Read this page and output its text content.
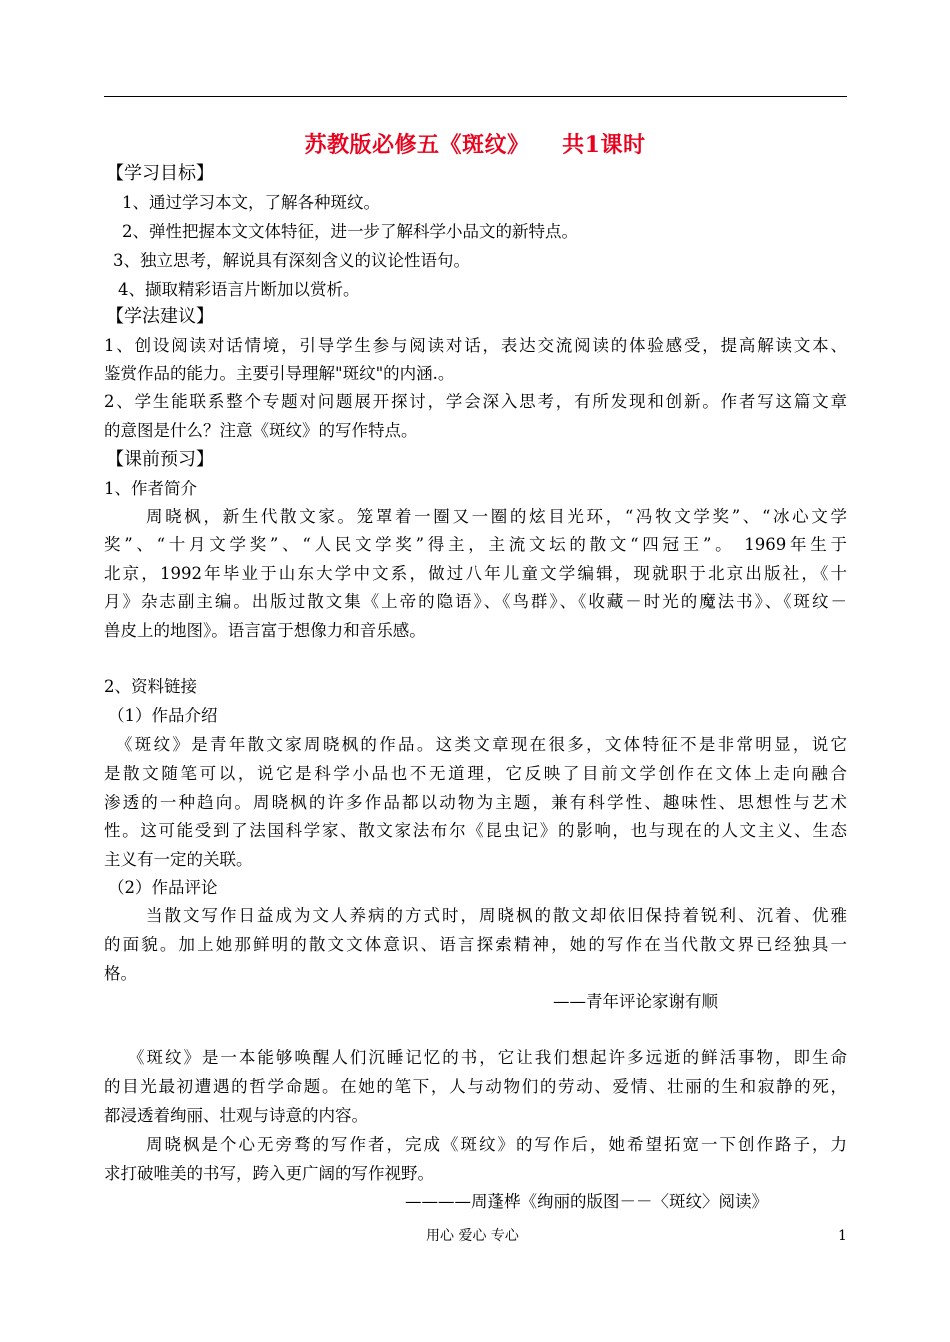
苏教版必修五《斑纹》    共1课时
【学习目标】
1、通过学习本文，了解各种斑纹。
2、弹性把握本文文体特征，进一步了解科学小品文的新特点。
3、独立思考，解说具有深刻含义的议论性语句。
4、撷取精彩语言片断加以赏析。
【学法建议】
1、创设阅读对话情境，引导学生参与阅读对话，表达交流阅读的体验感受，提高解读文本、
鉴赏作品的能力。主要引导理解"斑纹"的内涵.。
2、学生能联系整个专题对问题展开探讨，学会深入思考，有所发现和创新。作者写这篇文章
的意图是什么？注意《斑纹》的写作特点。
【课前预习】
1、作者简介
周晓枫，新生代散文家。笼罩着一圈又一圈的炫目光环，“冯牧文学奖”、“冰心文学
奖”、“十月文学奖”、“人民文学奖”得主，主流文坛的散文“四冠王”。 1969年生于
北京，1992年毕业于山东大学中文系，做过八年儿童文学编辑，现就职于北京出版社，《十
月》杂志副主编。出版过散文集《上帝的隐语》、《鸟群》、《收藏－时光的魔法书》、《斑纹－
兽皮上的地图》。语言富于想像力和音乐感。
2、资料链接
（1）作品介绍
《斑纹》是青年散文家周晓枫的作品。这类文章现在很多，文体特征不是非常明显，说它
是散文随笔可以，说它是科学小品也不无道理，它反映了目前文学创作在文体上走向融合
渗透的一种趋向。周晓枫的许多作品都以动物为主题，兼有科学性、趣味性、思想性与艺术
性。这可能受到了法国科学家、散文家法布尔《昆虫记》的影响，也与现在的人文主义、生态
主义有一定的关联。
（2）作品评论
当散文写作日益成为文人养病的方式时，周晓枫的散文却依旧保持着锐利、沉着、优雅
的面貌。加上她那鲜明的散文文体意识、语言探索精神，她的写作在当代散文界已经独具一
格。
——青年评论家谢有顺
《斑纹》是一本能够唤醒人们沉睡记忆的书，它让我们想起许多远逝的鲜活事物，即生命
的目光最初遭遇的哲学命题。在她的笔下，人与动物们的劳动、爱情、壮丽的生和寂静的死，
都浸透着绚丽、壮观与诗意的内容。
周晓枫是个心无旁骛的写作者，完成《斑纹》的写作后，她希望拓宽一下创作路子，力
求打破唯美的书写，跨入更广阔的写作视野。
————周蓬桦《绚丽的版图－－〈斑纹〉阅读》
用心 爱心 专心	1
